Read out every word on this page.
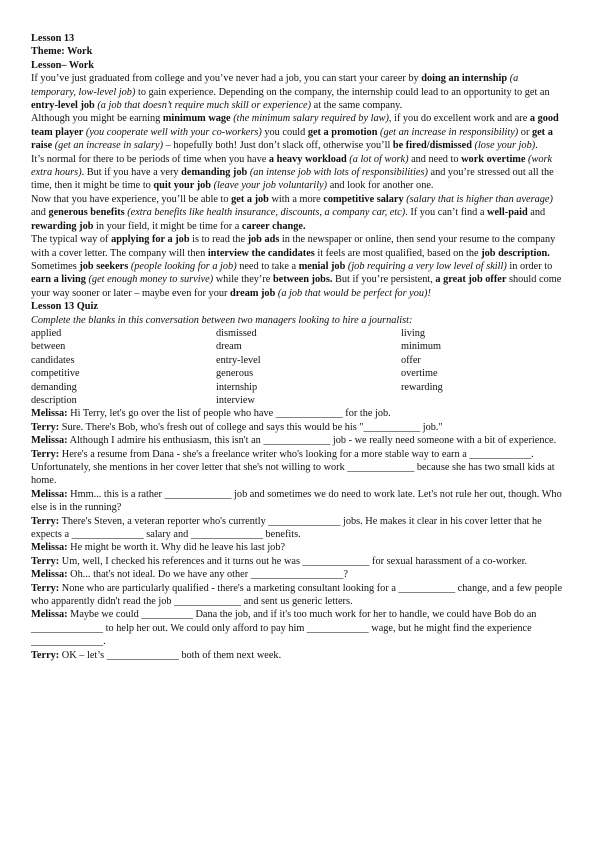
Lesson 13

Theme: Work

Lesson– Work

If you’ve just graduated from college and you’ve never had a job, you can start your career by doing an internship (a temporary, low-level job) to gain experience. Depending on the company, the internship could lead to an opportunity to get an entry-level job (a job that doesn’t require much skill or experience) at the same company.

Although you might be earning minimum wage (the minimum salary required by law), if you do excellent work and are a good team player (you cooperate well with your co-workers) you could get a promotion (get an increase in responsibility) or get a raise (get an increase in salary) – hopefully both! Just don’t slack off, otherwise you’ll be fired/dismissed (lose your job).

It’s normal for there to be periods of time when you have a heavy workload (a lot of work) and need to work overtime (work extra hours). But if you have a very demanding job (an intense job with lots of responsibilities) and you’re stressed out all the time, then it might be time to quit your job (leave your job voluntarily) and look for another one.

Now that you have experience, you’ll be able to get a job with a more competitive salary (salary that is higher than average) and generous benefits (extra benefits like health insurance, discounts, a company car, etc). If you can’t find a well-paid and rewarding job in your field, it might be time for a career change.

The typical way of applying for a job is to read the job ads in the newspaper or online, then send your resume to the company with a cover letter. The company will then interview the candidates it feels are most qualified, based on the job description.

Sometimes job seekers (people looking for a job) need to take a menial job (job requiring a very low level of skill) in order to earn a living (get enough money to survive) while they’re between jobs. But if you’re persistent, a great job offer should come your way sooner or later – maybe even for your dream job (a job that would be perfect for you)!

Lesson 13 Quiz

Complete the blanks in this conversation between two managers looking to hire a journalist:

applied	dismissed	living
between	dream	minimum
candidates	entry-level	offer
competitive	generous	overtime
demanding	internship	rewarding
description	interview

Melissa: Hi Terry, let's go over the list of people who have _____________ for the job.

Terry: Sure. There's Bob, who's fresh out of college and says this would be his "___________ job."

Melissa: Although I admire his enthusiasm, this isn't an _____________ job - we really need someone with a bit of experience.

Terry: Here's a resume from Dana - she's a freelance writer who's looking for a more stable way to earn a ____________. Unfortunately, she mentions in her cover letter that she's not willing to work _____________ because she has two small kids at home.

Melissa: Hmm... this is a rather _____________ job and sometimes we do need to work late. Let's not rule her out, though. Who else is in the running?

Terry: There's Steven, a veteran reporter who's currently ______________ jobs. He makes it clear in his cover letter that he expects a ______________ salary and ______________ benefits.

Melissa: He might be worth it. Why did he leave his last job?

Terry: Um, well, I checked his references and it turns out he was _____________ for sexual harassment of a co-worker.

Melissa: Oh... that's not ideal. Do we have any other __________________?

Terry: None who are particularly qualified - there's a marketing consultant looking for a ___________ change, and a few people who apparently didn't read the job _____________ and sent us generic letters.

Melissa: Maybe we could __________ Dana the job, and if it's too much work for her to handle, we could have Bob do an ______________ to help her out. We could only afford to pay him ____________ wage, but he might find the experience ______________.

Terry: OK – let’s ______________ both of them next week.
